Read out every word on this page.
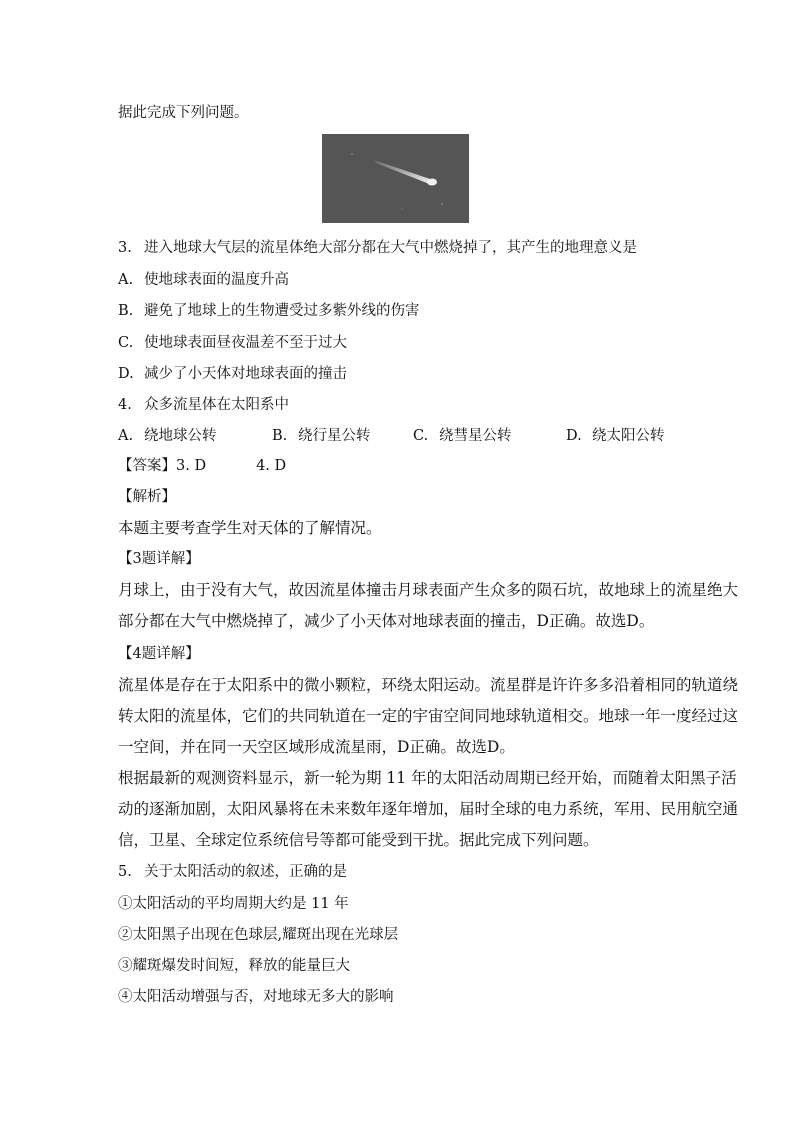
据此完成下列问题。
3. 进入地球大气层的流星体绝大部分都在大气中燃烧掉了，其产生的地理意义是
A. 使地球表面的温度升高
B. 避免了地球上的生物遭受过多紫外线的伤害
C. 使地球表面昼夜温差不至于过大
D. 减少了小天体对地球表面的撞击
4. 众多流星体在太阳系中
A. 绕地球公转	B. 绕行星公转	C. 绕彗星公转	D. 绕太阳公转
【答案】3. D	4. D
【解析】
本题主要考查学生对天体的了解情况。
【3题详解】
月球上，由于没有大气，故因流星体撞击月球表面产生众多的陨石坑，故地球上的流星绝大
部分都在大气中燃烧掉了，减少了小天体对地球表面的撞击，D正确。故选D。
【4题详解】
流星体是存在于太阳系中的微小颗粒，环绕太阳运动。流星群是许许多多沿着相同的轨道绕
转太阳的流星体，它们的共同轨道在一定的宇宙空间同地球轨道相交。地球一年一度经过这
一空间，并在同一天空区域形成流星雨，D正确。故选D。
根据最新的观测资料显示，新一轮为期 11 年的太阳活动周期已经开始，而随着太阳黑子活
动的逐渐加剧，太阳风暴将在未来数年逐年增加，届时全球的电力系统，军用、民用航空通
信，卫星、全球定位系统信号等都可能受到干扰。据此完成下列问题。
5. 关于太阳活动的叙述，正确的是
①太阳活动的平均周期大约是 11 年
②太阳黑子出现在色球层,耀斑出现在光球层
③耀斑爆发时间短，释放的能量巨大
④太阳活动增强与否，对地球无多大的影响
